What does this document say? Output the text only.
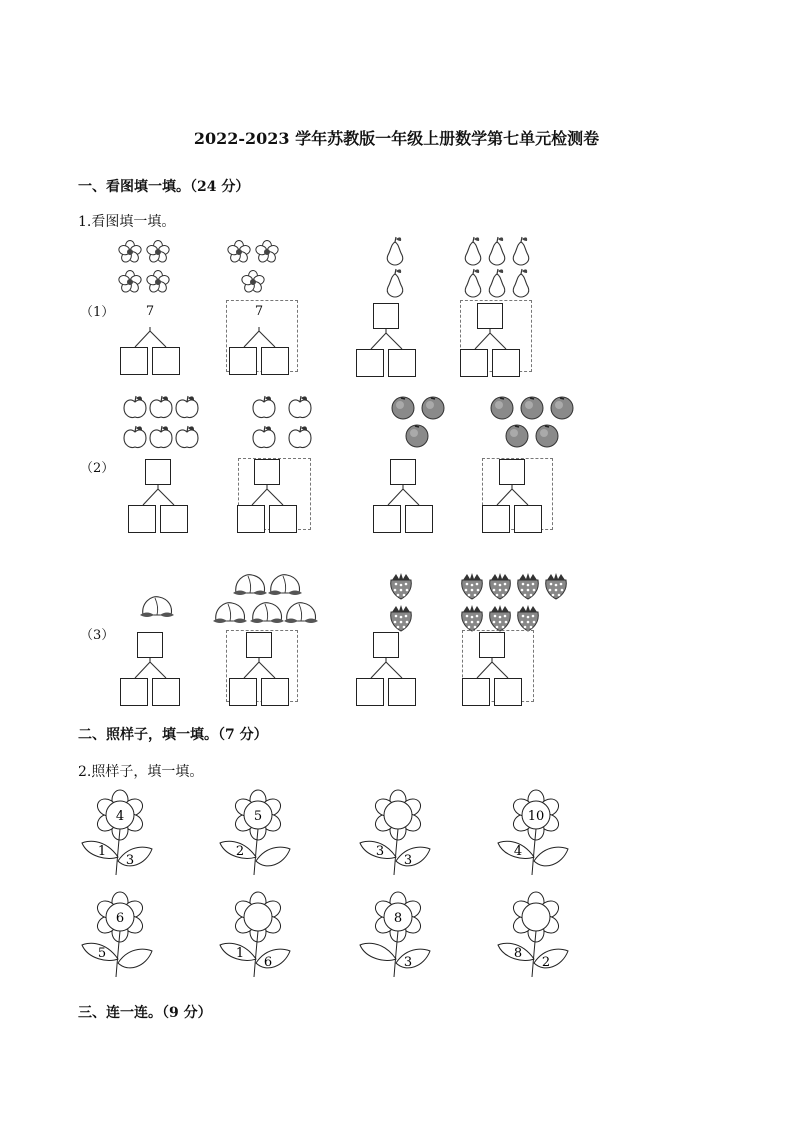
2022-2023 学年苏教版一年级上册数学第七单元检测卷
一、看图填一填。（24 分）
1.看图填一填。
（1）
（2）
（3）
二、照样子，填一填。（7 分）
2.照样子，填一填。
三、连一连。（9 分）
7	7
4
1
3
5
2	3
3
10
4
6
5	1
6
8
3
8
2
